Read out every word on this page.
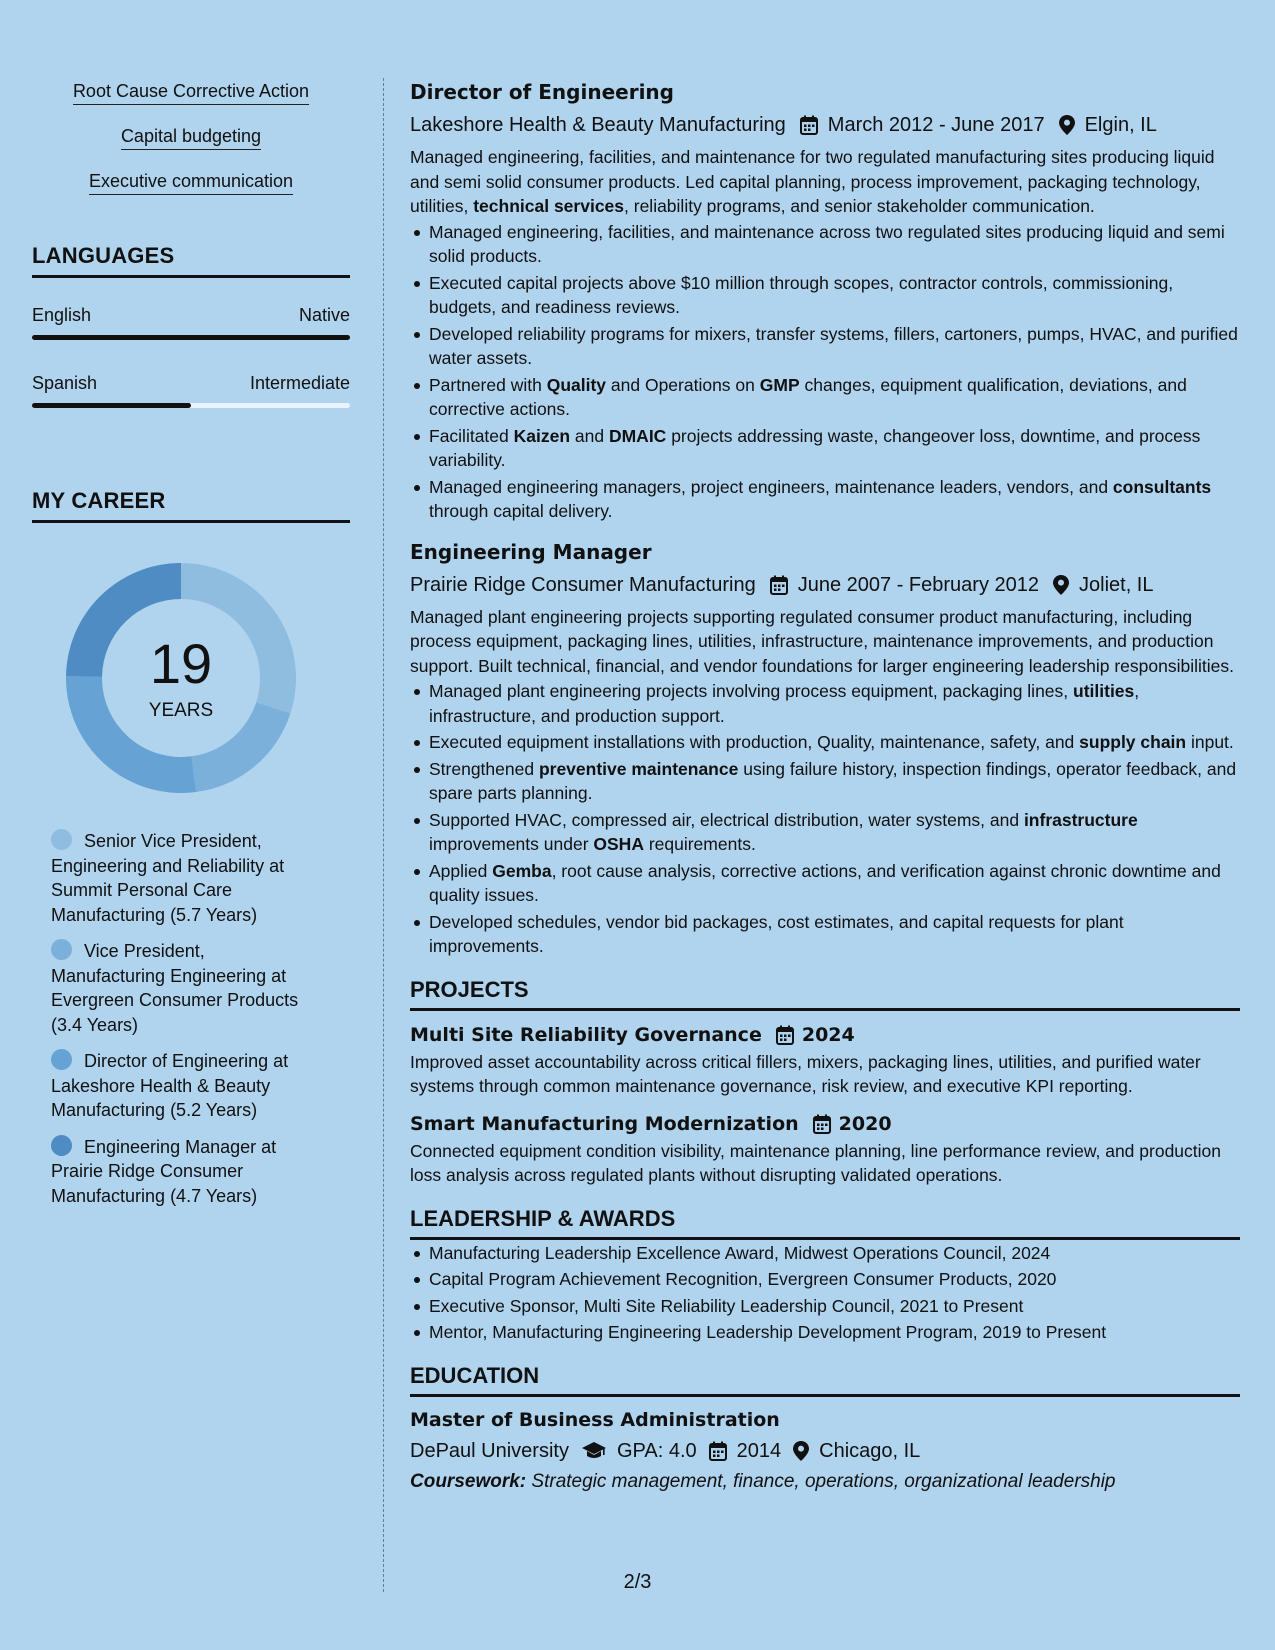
Root Cause Corrective Action
Capital budgeting
Executive communication
LANGUAGES
English	Native
Spanish	Intermediate
MY CAREER
19
YEARS
Senior Vice President, Engineering and Reliability at Summit Personal Care Manufacturing (5.7 Years)
Vice President, Manufacturing Engineering at Evergreen Consumer Products (3.4 Years)
Director of Engineering at Lakeshore Health & Beauty Manufacturing (5.2 Years)
Engineering Manager at Prairie Ridge Consumer Manufacturing (4.7 Years)
Director of Engineering
Lakeshore Health & Beauty Manufacturing March 2012 - June 2017 Elgin, IL
Managed engineering, facilities, and maintenance for two regulated manufacturing sites producing liquid and semi solid consumer products. Led capital planning, process improvement, packaging technology, utilities, technical services, reliability programs, and senior stakeholder communication.
Managed engineering, facilities, and maintenance across two regulated sites producing liquid and semi solid products.
Executed capital projects above $10 million through scopes, contractor controls, commissioning, budgets, and readiness reviews.
Developed reliability programs for mixers, transfer systems, fillers, cartoners, pumps, HVAC, and purified water assets.
Partnered with Quality and Operations on GMP changes, equipment qualification, deviations, and corrective actions.
Facilitated Kaizen and DMAIC projects addressing waste, changeover loss, downtime, and process variability.
Managed engineering managers, project engineers, maintenance leaders, vendors, and consultants through capital delivery.
Engineering Manager
Prairie Ridge Consumer Manufacturing June 2007 - February 2012 Joliet, IL
Managed plant engineering projects supporting regulated consumer product manufacturing, including process equipment, packaging lines, utilities, infrastructure, maintenance improvements, and production support. Built technical, financial, and vendor foundations for larger engineering leadership responsibilities.
Managed plant engineering projects involving process equipment, packaging lines, utilities, infrastructure, and production support.
Executed equipment installations with production, Quality, maintenance, safety, and supply chain input.
Strengthened preventive maintenance using failure history, inspection findings, operator feedback, and spare parts planning.
Supported HVAC, compressed air, electrical distribution, water systems, and infrastructure improvements under OSHA requirements.
Applied Gemba, root cause analysis, corrective actions, and verification against chronic downtime and quality issues.
Developed schedules, vendor bid packages, cost estimates, and capital requests for plant improvements.
PROJECTS
Multi Site Reliability Governance 2024
Improved asset accountability across critical fillers, mixers, packaging lines, utilities, and purified water systems through common maintenance governance, risk review, and executive KPI reporting.
Smart Manufacturing Modernization 2020
Connected equipment condition visibility, maintenance planning, line performance review, and production loss analysis across regulated plants without disrupting validated operations.
LEADERSHIP & AWARDS
Manufacturing Leadership Excellence Award, Midwest Operations Council, 2024
Capital Program Achievement Recognition, Evergreen Consumer Products, 2020
Executive Sponsor, Multi Site Reliability Leadership Council, 2021 to Present
Mentor, Manufacturing Engineering Leadership Development Program, 2019 to Present
EDUCATION
Master of Business Administration
DePaul University GPA: 4.0 2014 Chicago, IL
Coursework: Strategic management, finance, operations, organizational leadership
2/3
